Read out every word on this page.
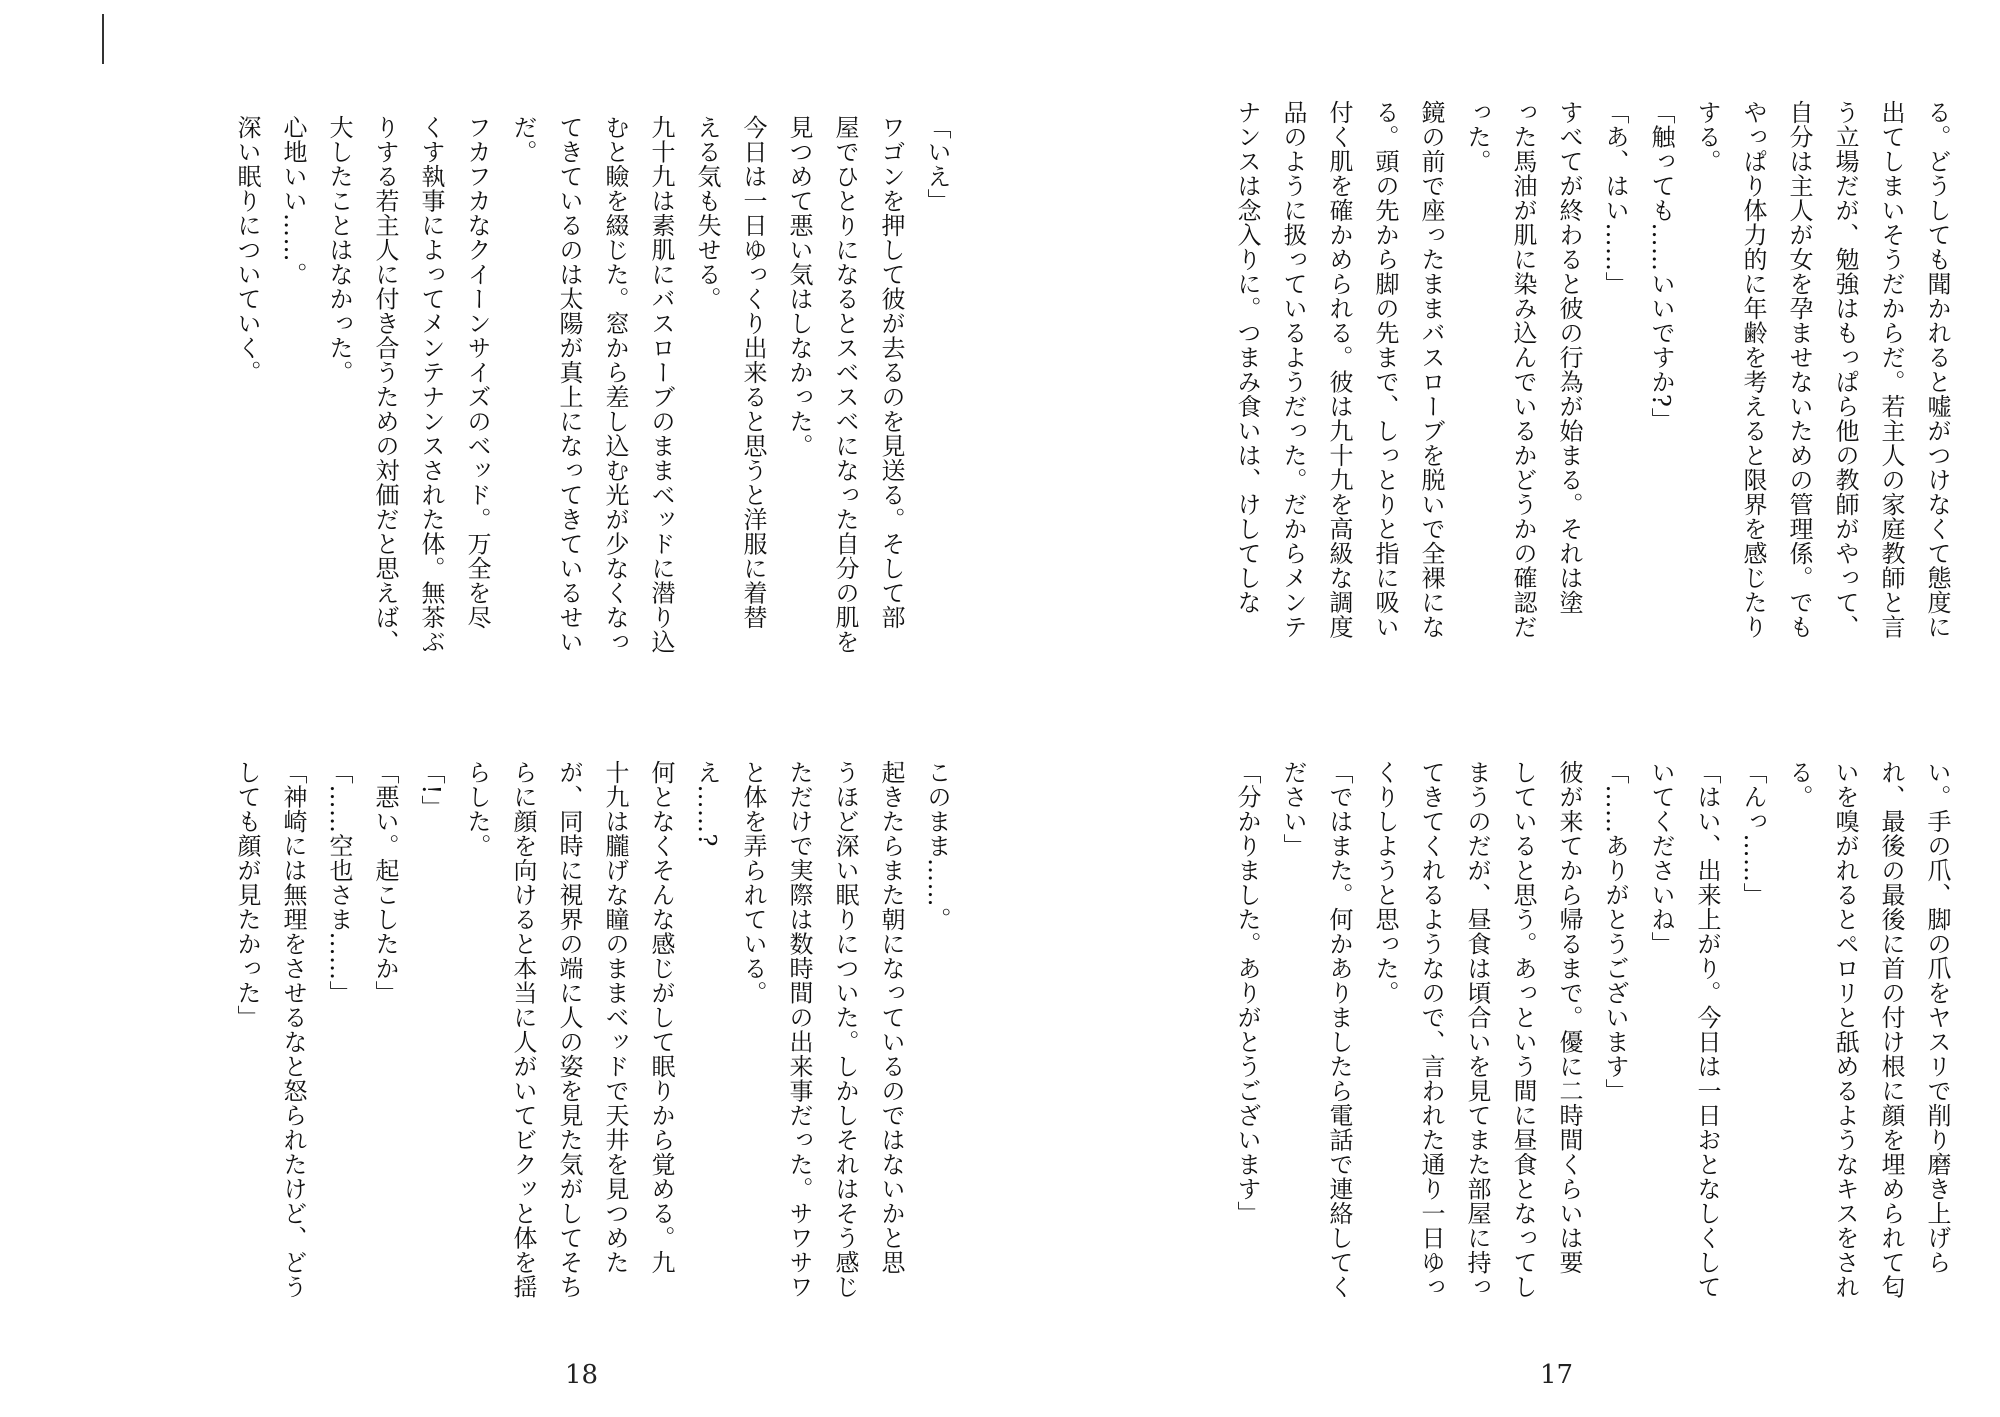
「いえ」
ワゴンを押して彼が去るのを見送る。そして部
屋でひとりになるとスベスベになった自分の肌を
見つめて悪い気はしなかった。
今日は一日ゆっくり出来ると思うと洋服に着替
える気も失せる。
九十九は素肌にバスローブのままベッドに潜り込
むと瞼を綴じた。窓から差し込む光が少なくなっ
てきているのは太陽が真上になってきているせい
だ。
フカフカなクイーンサイズのベッド。万全を尽
くす執事によってメンテナンスされた体。無茶ぶ
りする若主人に付き合うための対価だと思えば、
大したことはなかった。
心地いい……。
深い眠りについていく。
このまま……。
起きたらまた朝になっているのではないかと思
うほど深い眠りについた。しかしそれはそう感じ
ただけで実際は数時間の出来事だった。サワサワ
と体を弄られている。
え……?
何となくそんな感じがして眠りから覚める。九
十九は朧げな瞳のままベッドで天井を見つめた
が、同時に視界の端に人の姿を見た気がしてそち
らに顔を向けると本当に人がいてビクッと体を揺
らした。
「!」
「悪い。起こしたか」
「……空也さま……」
「神崎には無理をさせるなと怒られたけど、どう
しても顔が見たかった」
18
る。どうしても聞かれると嘘がつけなくて態度に
出てしまいそうだからだ。若主人の家庭教師と言
う立場だが、勉強はもっぱら他の教師がやって、
自分は主人が女を孕ませないための管理係。でも
やっぱり体力的に年齢を考えると限界を感じたり
する。
「触っても……いいですか?」
「あ、はい……」
すべてが終わると彼の行為が始まる。それは塗
った馬油が肌に染み込んでいるかどうかの確認だ
った。
鏡の前で座ったままバスローブを脱いで全裸にな
る。頭の先から脚の先まで、しっとりと指に吸い
付く肌を確かめられる。彼は九十九を高級な調度
品のように扱っているようだった。だからメンテ
ナンスは念入りに。つまみ食いは、けしてしな
い。手の爪、脚の爪をヤスリで削り磨き上げら
れ、最後の最後に首の付け根に顔を埋められて匂
いを嗅がれるとペロリと舐めるようなキスをされ
る。
「んっ……」
「はい、出来上がり。今日は一日おとなしくして
いてくださいね」
「……ありがとうございます」
彼が来てから帰るまで。優に二時間くらいは要
していると思う。あっという間に昼食となってし
まうのだが、昼食は頃合いを見てまた部屋に持っ
てきてくれるようなので、言われた通り一日ゆっ
くりしようと思った。
「ではまた。何かありましたら電話で連絡してく
ださい」
「分かりました。ありがとうございます」
17
